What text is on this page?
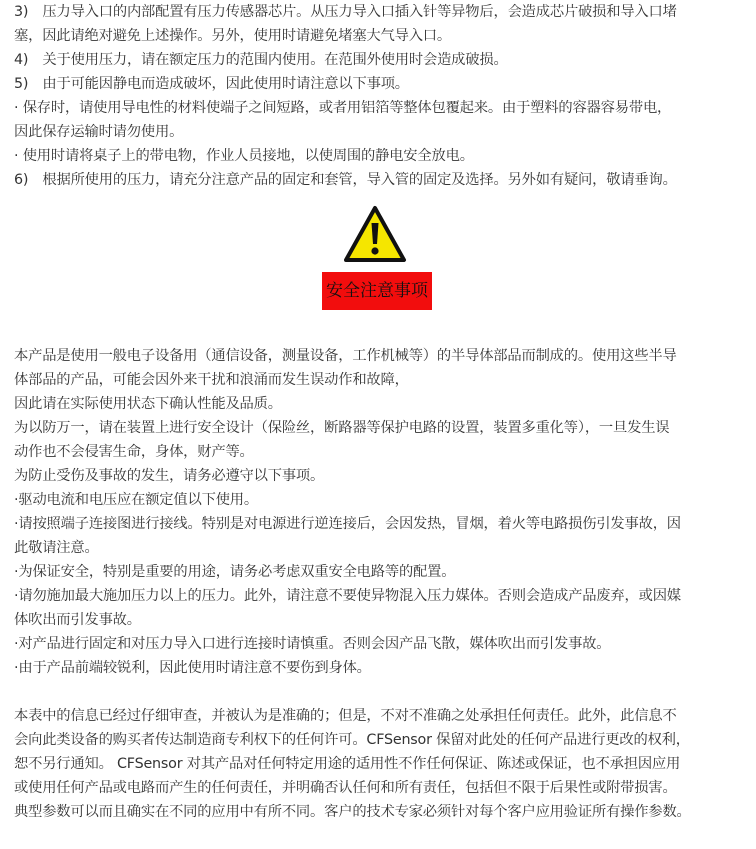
3)　压力导入口的内部配置有压力传感器芯片。从压力导入口插入针等异物后，会造成芯片破损和导入口堵
塞，因此请绝对避免上述操作。另外，使用时请避免堵塞大气导入口。
4)　关于使用压力，请在额定压力的范围内使用。在范围外使用时会造成破损。
5)　由于可能因静电而造成破坏，因此使用时请注意以下事项。
· 保存时，请使用导电性的材料使端子之间短路，或者用铝箔等整体包覆起来。由于塑料的容器容易带电，
因此保存运输时请勿使用。
· 使用时请将桌子上的带电物，作业人员接地，以使周围的静电安全放电。
6)　根据所使用的压力，请充分注意产品的固定和套管，导入管的固定及选择。另外如有疑问，敬请垂询。
安全注意事项
本产品是使用一般电子设备用（通信设备，测量设备，工作机械等）的半导体部品而制成的。使用这些半导
体部品的产品，可能会因外来干扰和浪涌而发生误动作和故障，
因此请在实际使用状态下确认性能及品质。
为以防万一，请在装置上进行安全设计（保险丝，断路器等保护电路的设置，装置多重化等），一旦发生误
动作也不会侵害生命，身体，财产等。
为防止受伤及事故的发生，请务必遵守以下事项。
·驱动电流和电压应在额定值以下使用。
·请按照端子连接图进行接线。特别是对电源进行逆连接后，会因发热，冒烟，着火等电路损伤引发事故，因
此敬请注意。
·为保证安全，特别是重要的用途，请务必考虑双重安全电路等的配置。
·请勿施加最大施加压力以上的压力。此外，请注意不要使异物混入压力媒体。否则会造成产品废弃，或因媒
体吹出而引发事故。
·对产品进行固定和对压力导入口进行连接时请慎重。否则会因产品飞散，媒体吹出而引发事故。
·由于产品前端较锐利，因此使用时请注意不要伤到身体。
本表中的信息已经过仔细审查，并被认为是准确的；但是，不对不准确之处承担任何责任。此外，此信息不
会向此类设备的购买者传达制造商专利权下的任何许可。CFSensor 保留对此处的任何产品进行更改的权利，
恕不另行通知。 CFSensor 对其产品对任何特定用途的适用性不作任何保证、陈述或保证，也不承担因应用
或使用任何产品或电路而产生的任何责任，并明确否认任何和所有责任，包括但不限于后果性或附带损害。
典型参数可以而且确实在不同的应用中有所不同。客户的技术专家必须针对每个客户应用验证所有操作参数。
